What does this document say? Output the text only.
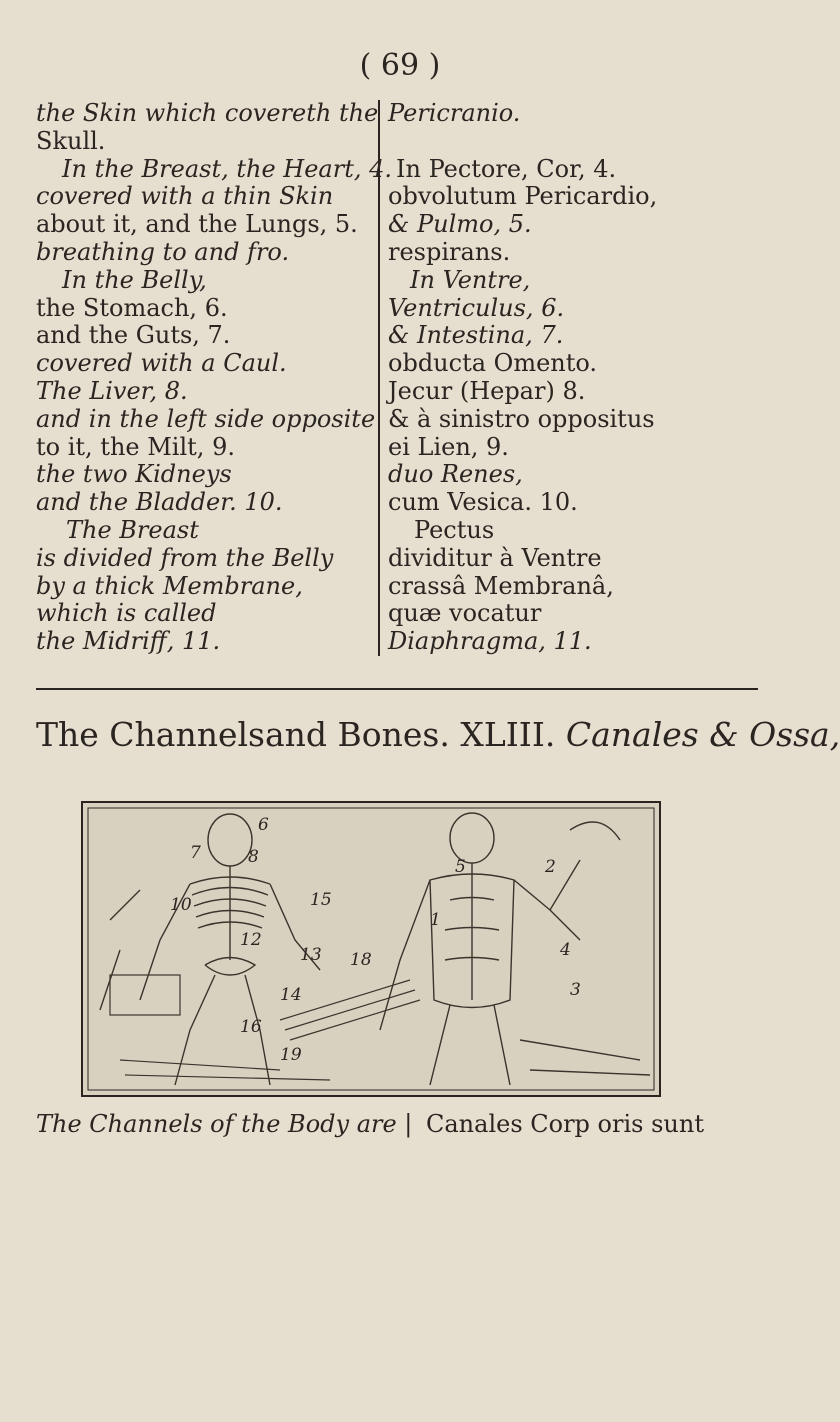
( 69 )
the Skin which covereth the
Skull.
In the Breast, the Heart, 4.
covered with a thin Skin
about it, and the Lungs, 5.
breathing to and fro.
In the Belly,
the Stomach, 6.
and the Guts, 7.
covered with a Caul.
The Liver, 8.
and in the left side opposite
to it, the Milt, 9.
the two Kidneys
and the Bladder. 10.
The Breast
is divided from the Belly
by a thick Membrane,
which is called
the Midriff, 11.
Pericranio.
In Pectore, Cor, 4.
obvolutum Pericardio,
& Pulmo, 5.
respirans.
In Ventre,
Ventriculus, 6.
& Intestina, 7.
obducta Omento.
Jecur (Hepar) 8.
& à sinistro oppositus
ei Lien, 9.
duo Renes,
cum Vesica. 10.
Pectus
dividitur à Ventre
crassâ Membranâ,
quæ vocatur
Diaphragma, 11.
The Channelsand Bones. XLIII. Canales & Ossa,
6
7	8
15
10
12
13 18
14
16
19
5	2
1
4
3
The Channels of the Body are | Canales Corp oris sunt
